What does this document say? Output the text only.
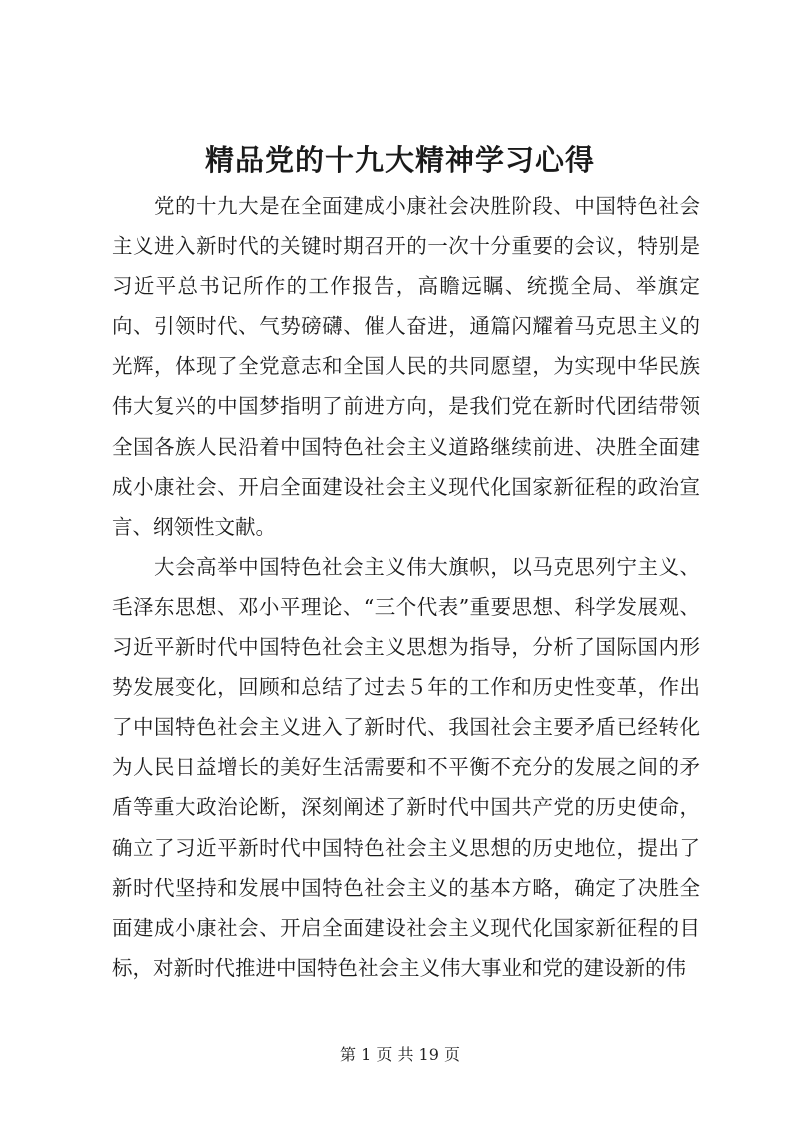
精品党的十九大精神学习心得

党的十九大是在全面建成小康社会决胜阶段、中国特色社会主义进入新时代的关键时期召开的一次十分重要的会议，特别是习近平总书记所作的工作报告，高瞻远瞩、统揽全局、举旗定向、引领时代、气势磅礴、催人奋进，通篇闪耀着马克思主义的光辉，体现了全党意志和全国人民的共同愿望，为实现中华民族伟大复兴的中国梦指明了前进方向，是我们党在新时代团结带领全国各族人民沿着中国特色社会主义道路继续前进、决胜全面建成小康社会、开启全面建设社会主义现代化国家新征程的政治宣言、纲领性文献。

大会高举中国特色社会主义伟大旗帜，以马克思列宁主义、毛泽东思想、邓小平理论、“三个代表”重要思想、科学发展观、习近平新时代中国特色社会主义思想为指导，分析了国际国内形势发展变化，回顾和总结了过去５年的工作和历史性变革，作出了中国特色社会主义进入了新时代、我国社会主要矛盾已经转化为人民日益增长的美好生活需要和不平衡不充分的发展之间的矛盾等重大政治论断，深刻阐述了新时代中国共产党的历史使命，确立了习近平新时代中国特色社会主义思想的历史地位，提出了新时代坚持和发展中国特色社会主义的基本方略，确定了决胜全面建成小康社会、开启全面建设社会主义现代化国家新征程的目标，对新时代推进中国特色社会主义伟大事业和党的建设新的伟

第 1 页 共 19 页
